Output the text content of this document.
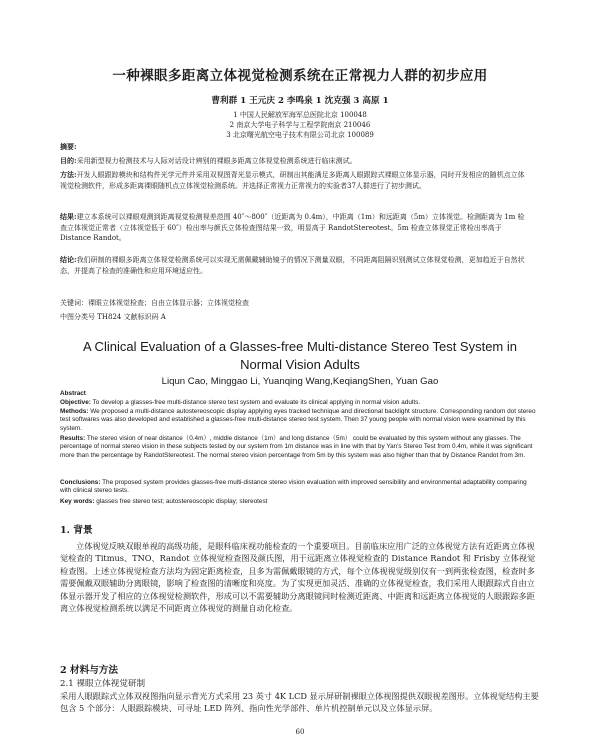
一种裸眼多距离立体视觉检测系统在正常视力人群的初步应用
曹利群 1 王元庆 2 李鸣泉 1 沈克强 3 高原 1
1 中国人民解放军海军总医院北京 100048
2 南京大学电子科学与工程学院南京 210046
3 北京曙光航空电子技术有限公司北京 100089
摘要:
目的:采用新型视力检测技术与人际对话设计辨别的裸眼多距离立体视觉检测系统进行临床测试。
方法:开发人眼跟踪模块和结构件光学元件并采用双视图背光显示模式，研制出其能满足多距离人眼跟踪式裸眼立体显示器，同时开发相应的随机点立体视觉检测软件，形成多距离裸眼随机点立体视觉检测系统。并选择正常视力正常视力的实验者37人群进行了初步测试。
结果:建立本系统可以裸眼观测到距离视觉检测视差范围 40″～800″（近距离为 0.4m），中距离（1m）和远距离（5m）立体视觉。检测距离为 1m 检查立体视觉正常者（立体视觉低于 60″）检出率与颜氏立体检查图结果一致，明显高于 RandotStereotest。5m 检查立体视觉正常检出率高于 Distance Randot。
结论:我们研制的裸眼多距离立体视觉检测系统可以实现无需佩戴辅助镜子的情况下测量双眼，不同距离阻隔识别测试立体视觉检测，更加趋近于自然状态，并提高了检查的准确性和应用环境适应性。
关键词：裸眼立体视觉检查；自由立体显示器；立体视觉检查
中图分类号 TH824 文献标识码 A
A Clinical Evaluation of a Glasses-free Multi-distance Stereo Test System in Normal Vision Adults
Liqun Cao, Minggao Li, Yuanqing Wang,KeqiangShen, Yuan Gao
Abstract
Objective: To develop a glasses-free multi-distance stereo test system and evaluate its clinical applying in normal vision adults.
Methods: We proposed a multi-distance autostereoscopic display applying eyes tracked technique and directional backlight structure. Corresponding random dot stereo test softwares was also developed and established a glasses-free multi-distance stereo test system. Then 37 young people with normal vision were examined by this system.
Results: The stereo vision of near distance（0.4m）, middle distance（1m）and long distance（5m） could be evaluated by this system without any glasses. The percentage of normal stereo vision in these subjects tested by our system from 1m distance was in line with that by Yan's Stereo Test from 0.4m, while it was significant more than the percentage by RandotStereotest. The normal stereo vision percentage from 5m by this system was also higher than that by Distance Randot from 3m.
Conclusions: The proposed system provides glasses-free multi-distance stereo vision evaluation with improved sensibility and environmental adaptability comparing with clinical stereo tests.
Key words: glasses free stereo test; autostereoscopic display; stereotest
1. 背景
立体视觉反映双眼单视的高级功能，是眼科临床视功能检查的一个重要项目。目前临床应用广泛的立体视觉方法有近距离立体视觉检查的 Titmus、TNO、Randot 立体视觉检查图及颜氏图，用于远距离立体视觉检查的 Distance Randot 和 Frisby 立体视觉检查图。上述立体视觉检查方法均为固定距离检查，且多为需佩戴眼镜的方式，每个立体视视觉级别仅有一到两张检查图，检查时多需要佩戴双眼辅助分离眼镜，影响了检查图的清晰度和亮度。为了实现更加灵活、准确的立体视觉检查，我们采用人眼跟踪式自由立体显示器开发了相应的立体视觉检测软件，形成可以不需要辅助分离眼镜同时检测近距离、中距离和远距离立体视觉的人眼跟踪多距离立体视觉检测系统以满足不同距离立体视觉的测量自动化检查。
2 材料与方法
2.1 裸眼立体视觉研制
采用人眼跟踪式立体双视图指向显示背光方式采用 23 英寸 4K LCD 显示屏研制裸眼立体视图提供双眼视差图形。立体视觉结构主要包含 5 个部分：人眼跟踪模块、可寻址 LED 阵列、指向性光学部件、单片机控制单元以及立体显示屏。
60
